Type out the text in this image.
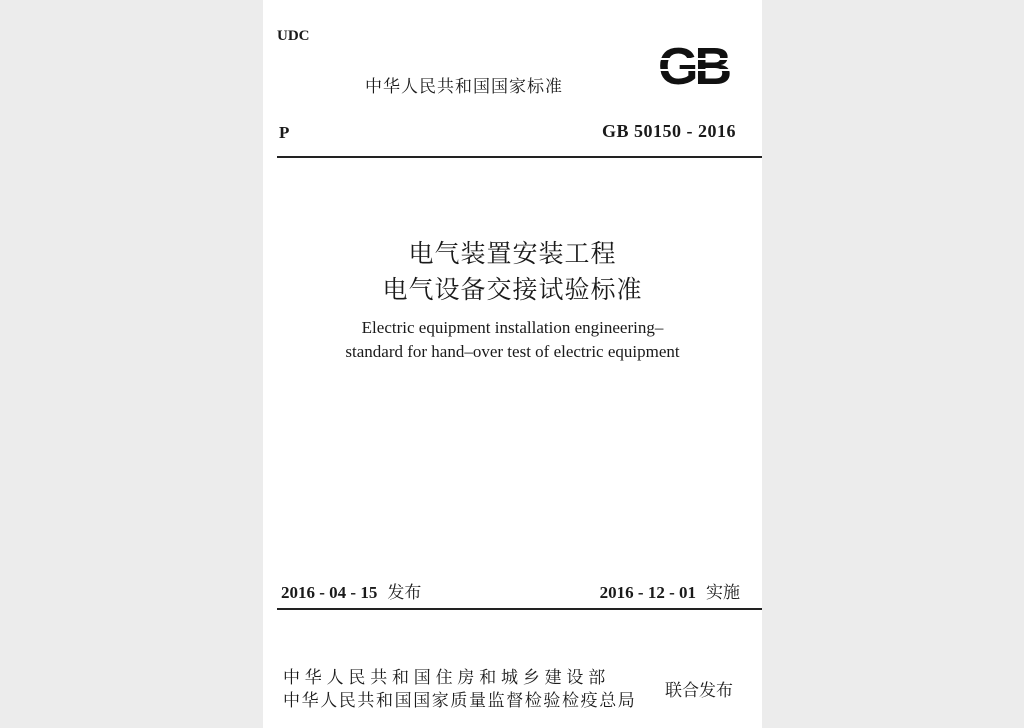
UDC
中华人民共和国国家标准 GB
P	GB 50150 - 2016
电气装置安装工程
电气设备交接试验标准
Electric equipment installation engineering–
standard for hand–over test of electric equipment
2016 - 04 - 15 发布	2016 - 12 - 01 实施
中华人民共和国住房和城乡建设部
中华人民共和国国家质量监督检验检疫总局 联合发布
